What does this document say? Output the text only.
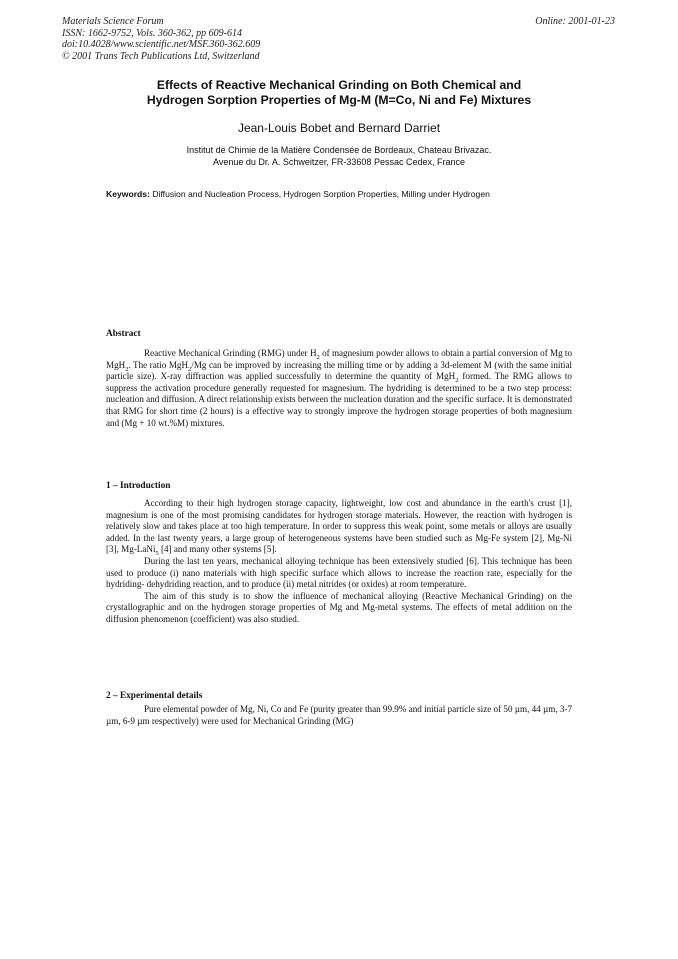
Materials Science Forum
ISSN: 1662-9752, Vols. 360-362, pp 609-614
doi:10.4028/www.scientific.net/MSF.360-362.609
© 2001 Trans Tech Publications Ltd, Switzerland
Online: 2001-01-23
Effects of Reactive Mechanical Grinding on Both Chemical and
Hydrogen Sorption Properties of Mg-M (M=Co, Ni and Fe) Mixtures
Jean-Louis Bobet and Bernard Darriet
Institut de Chimie de la Matière Condensée de Bordeaux, Chateau Brivazac.
Avenue du Dr. A. Schweitzer, FR-33608 Pessac Cedex, France
Keywords: Diffusion and Nucleation Process, Hydrogen Sorption Properties, Milling under Hydrogen
Abstract

Reactive Mechanical Grinding (RMG) under $H_2$ of magnesium powder allows to obtain a partial conversion of Mg to MgH$_2$. The ratio MgH$_2$/Mg can be improved by increasing the milling time or by adding a 3d-element M (with the same initial particle size). X-ray diffraction was applied successfully to determine the quantity of MgH$_2$ formed. The RMG allows to suppress the activation procedure generally requested for magnesium. The hydriding is determined to be a two step process: nucleation and diffusion. A direct relationship exists between the nucleation duration and the specific surface. It is demonstrated that RMG for short time (2 hours) is a effective way to strongly improve the hydrogen storage properties of both magnesium and (Mg + 10 wt.%M) mixtures.

1 – Introduction

According to their high hydrogen storage capacity, lightweight, low cost and abundance in the earth's crust [1], magnesium is one of the most promising candidates for hydrogen storage materials. However, the reaction with hydrogen is relatively slow and takes place at too high temperature. In order to suppress this weak point, some metals or alloys are usually added. In the last twenty years, a large group of heterogeneous systems have been studied such as Mg-Fe system [2], Mg-Ni [3], Mg-LaNi$_5$ [4] and many other systems [5].

During the last ten years, mechanical alloying technique has been extensively studied [6]. This technique has been used to produce (i) nano materials with high specific surface which allows to increase the reaction rate, especially for the hydriding- dehydriding reaction, and to produce (ii) metal nitrides (or oxides) at room temperature.

The aim of this study is to show the influence of mechanical alloying (Reactive Mechanical Grinding) on the crystallographic and on the hydrogen storage properties of Mg and Mg-metal systems. The effects of metal addition on the diffusion phenomenon (coefficient) was also studied.

2 – Experimental details

Pure elemental powder of Mg, Ni, Co and Fe (purity greater than 99.9% and initial particle size of 50 µm, 44 µm, 3-7 µm, 6-9 µm respectively) were used for Mechanical Grinding (MG)
